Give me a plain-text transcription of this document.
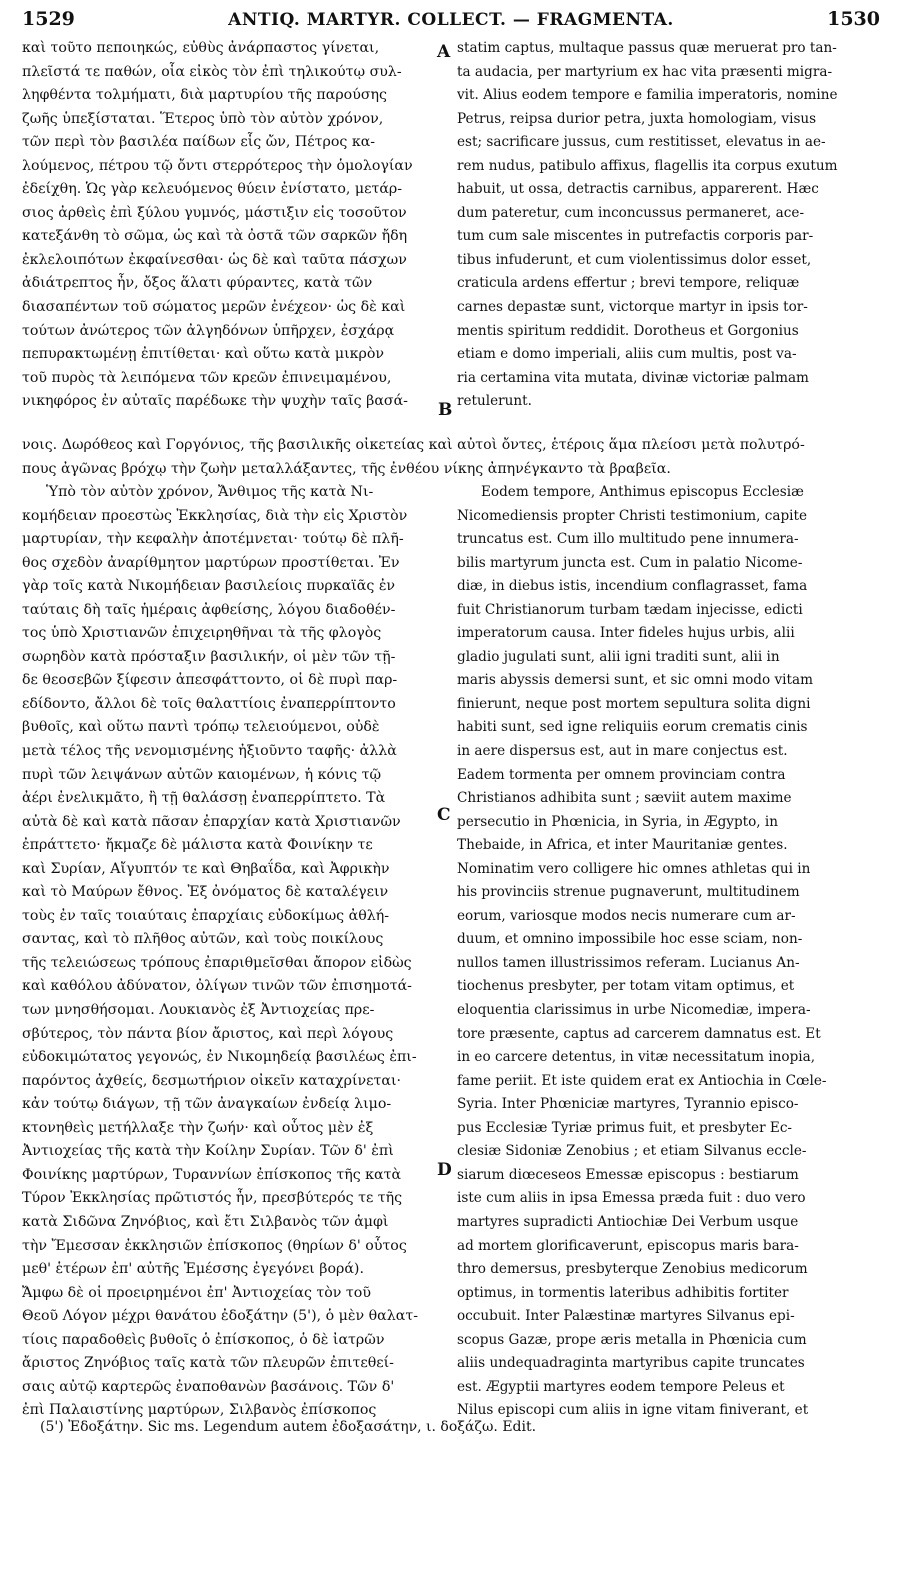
1529	ANTIQ. MARTYR. COLLECT. — FRAGMENTA.	1530
καὶ τοῦτο πεποιηκώς, εὐθὺς ἀνάρπαστος γίνεται,
πλεῖστά τε παθών, οἷα εἰκὸς τὸν ἐπὶ τηλικούτῳ συλ-
ληφθέντα τολμήματι, διὰ μαρτυρίου τῆς παρούσης
ζωῆς ὑπεξίσταται. Ἕτερος ὑπὸ τὸν αὐτὸν χρόνον,
τῶν περὶ τὸν βασιλέα παίδων εἷς ὤν, Πέτρος κα-
λούμενος, πέτρου τῷ ὄντι στερρότερος τὴν ὁμολογίαν
ἐδείχθη. Ὡς γὰρ κελευόμενος θύειν ἐνίστατο, μετάρ-
σιος ἀρθεὶς ἐπὶ ξύλου γυμνός, μάστιξιν εἰς τοσοῦτον
κατεξάνθη τὸ σῶμα, ὡς καὶ τὰ ὀστᾶ τῶν σαρκῶν ἤδη
ἐκλελοιπότων ἐκφαίνεσθαι· ὡς δὲ καὶ ταῦτα πάσχων
ἀδιάτρεπτος ἦν, ὄξος ἅλατι φύραντες, κατὰ τῶν
διασαπέντων τοῦ σώματος μερῶν ἐνέχεον· ὡς δὲ καὶ
τούτων ἀνώτερος τῶν ἀλγηδόνων ὑπῆρχεν, ἐσχάρᾳ
πεπυρακτωμένῃ ἐπιτίθεται· καὶ οὕτω κατὰ μικρὸν
τοῦ πυρὸς τὰ λειπόμενα τῶν κρεῶν ἐπινειμαμένου,
νικηφόρος ἐν αὐταῖς παρέδωκε τὴν ψυχὴν ταῖς βασά-
statim captus, multaque passus quæ meruerat pro tan-
ta audacia, per martyrium ex hac vita præsenti migra-
vit. Alius eodem tempore e familia imperatoris, nomine
Petrus, reipsa durior petra, juxta homologiam, visus
est; sacrificare jussus, cum restitisset, elevatus in ae-
rem nudus, patibulo affixus, flagellis ita corpus exutum
habuit, ut ossa, detractis carnibus, apparerent. Hæc
dum pateretur, cum inconcussus permaneret, ace-
tum cum sale miscentes in putrefactis corporis par-
tibus infuderunt, et cum violentissimus dolor esset,
craticula ardens effertur ; brevi tempore, reliquæ
carnes depastæ sunt, victorque martyr in ipsis tor-
mentis spiritum reddidit. Dorotheus et Gorgonius
etiam e domo imperiali, aliis cum multis, post va-
ria certamina vita mutata, divinæ victoriæ palmam
retulerunt.
A
B
C
D
νοις. Δωρόθεος καὶ Γοργόνιος, τῆς βασιλικῆς οἰκετείας καὶ αὐτοὶ ὄντες, ἑτέροις ἅμα πλείοσι μετὰ πολυτρό-
πους ἀγῶνας βρόχῳ τὴν ζωὴν μεταλλάξαντες, τῆς ἐνθέου νίκης ἀπηνέγκαντο τὰ βραβεῖα.
Ὑπὸ τὸν αὐτὸν χρόνον, Ἄνθιμος τῆς κατὰ Νι-
κομήδειαν προεστὼς Ἐκκλησίας, διὰ τὴν εἰς Χριστὸν
μαρτυρίαν, τὴν κεφαλὴν ἀποτέμνεται· τούτῳ δὲ πλῆ-
θος σχεδὸν ἀναρίθμητον μαρτύρων προστίθεται. Ἐν
γὰρ τοῖς κατὰ Νικομήδειαν βασιλείοις πυρκαϊᾶς ἐν
ταύταις δὴ ταῖς ἡμέραις ἀφθείσης, λόγου διαδοθέν-
τος ὑπὸ Χριστιανῶν ἐπιχειρηθῆναι τὰ τῆς φλογὸς
σωρηδὸν κατὰ πρόσταξιν βασιλικήν, οἱ μὲν τῶν τῇ-
δε θεοσεβῶν ξίφεσιν ἀπεσφάττοντο, οἱ δὲ πυρὶ παρ-
εδίδοντο, ἄλλοι δὲ τοῖς θαλαττίοις ἐναπερρίπτοντο
βυθοῖς, καὶ οὕτω παντὶ τρόπῳ τελειούμενοι, οὐδὲ
μετὰ τέλος τῆς νενομισμένης ἠξιοῦντο ταφῆς· ἀλλὰ
πυρὶ τῶν λειψάνων αὐτῶν καιομένων, ἡ κόνις τῷ
ἀέρι ἐνελικμᾶτο, ἢ τῇ θαλάσσῃ ἐναπερρίπτετο. Τὰ
αὐτὰ δὲ καὶ κατὰ πᾶσαν ἐπαρχίαν κατὰ Χριστιανῶν
ἐπράττετο· ἤκμαζε δὲ μάλιστα κατὰ Φοινίκην τε
καὶ Συρίαν, Αἴγυπτόν τε καὶ Θηβαΐδα, καὶ Ἀφρικὴν
καὶ τὸ Μαύρων ἔθνος. Ἐξ ὀνόματος δὲ καταλέγειν
τοὺς ἐν ταῖς τοιαύταις ἐπαρχίαις εὐδοκίμως ἀθλή-
σαντας, καὶ τὸ πλῆθος αὐτῶν, καὶ τοὺς ποικίλους
τῆς τελειώσεως τρόπους ἐπαριθμεῖσθαι ἄπορον εἰδὼς
καὶ καθόλου ἀδύνατον, ὀλίγων τινῶν τῶν ἐπισημοτά-
των μνησθήσομαι. Λουκιανὸς ἐξ Ἀντιοχείας πρε-
σβύτερος, τὸν πάντα βίον ἄριστος, καὶ περὶ λόγους
εὐδοκιμώτατος γεγονώς, ἐν Νικομηδείᾳ βασιλέως ἐπι-
παρόντος ἀχθείς, δεσμωτήριον οἰκεῖν καταχρίνεται·
κἀν τούτῳ διάγων, τῇ τῶν ἀναγκαίων ἐνδείᾳ λιμο-
κτονηθεὶς μετήλλαξε τὴν ζωήν· καὶ οὗτος μὲν ἐξ
Ἀντιοχείας τῆς κατὰ τὴν Κοίλην Συρίαν. Τῶν δ' ἐπὶ
Φοινίκης μαρτύρων, Τυραννίων ἐπίσκοπος τῆς κατὰ
Τύρον Ἐκκλησίας πρῶτιστός ἦν, πρεσβύτερός τε τῆς
κατὰ Σιδῶνα Ζηνόβιος, καὶ ἔτι Σιλβανὸς τῶν ἀμφὶ
τὴν Ἔμεσσαν ἐκκλησιῶν ἐπίσκοπος (θηρίων δ' οὗτος
μεθ' ἑτέρων ἐπ' αὐτῆς Ἐμέσσης ἐγεγόνει βορά).
Ἄμφω δὲ οἱ προειρημένοι ἐπ' Ἀντιοχείας τὸν τοῦ
Θεοῦ Λόγον μέχρι θανάτου ἐδοξάτην (5'), ὁ μὲν θαλατ-
τίοις παραδοθεὶς βυθοῖς ὁ ἐπίσκοπος, ὁ δὲ ἰατρῶν
ἄριστος Ζηνόβιος ταῖς κατὰ τῶν πλευρῶν ἐπιτεθεί-
σαις αὐτῷ καρτερῶς ἐναποθανὼν βασάνοις. Τῶν δ'
ἐπὶ Παλαιστίνης μαρτύρων, Σιλβανὸς ἐπίσκοπος
Eodem tempore, Anthimus episcopus Ecclesiæ
Nicomediensis propter Christi testimonium, capite
truncatus est. Cum illo multitudo pene innumera-
bilis martyrum juncta est. Cum in palatio Nicome-
diæ, in diebus istis, incendium conflagrasset, fama
fuit Christianorum turbam tædam injecisse, edicti
imperatorum causa. Inter fideles hujus urbis, alii
gladio jugulati sunt, alii igni traditi sunt, alii in
maris abyssis demersi sunt, et sic omni modo vitam
finierunt, neque post mortem sepultura solita digni
habiti sunt, sed igne reliquiis eorum crematis cinis
in aere dispersus est, aut in mare conjectus est.
Eadem tormenta per omnem provinciam contra
Christianos adhibita sunt ; sæviit autem maxime
persecutio in Phœnicia, in Syria, in Ægypto, in
Thebaide, in Africa, et inter Mauritaniæ gentes.
Nominatim vero colligere hic omnes athletas qui in
his provinciis strenue pugnaverunt, multitudinem
eorum, variosque modos necis numerare cum ar-
duum, et omnino impossibile hoc esse sciam, non-
nullos tamen illustrissimos referam. Lucianus An-
tiochenus presbyter, per totam vitam optimus, et
eloquentia clarissimus in urbe Nicomediæ, impera-
tore præsente, captus ad carcerem damnatus est. Et
in eo carcere detentus, in vitæ necessitatum inopia,
fame periit. Et iste quidem erat ex Antiochia in Cœle-
Syria. Inter Phœniciæ martyres, Tyrannio episco-
pus Ecclesiæ Tyriæ primus fuit, et presbyter Ec-
clesiæ Sidoniæ Zenobius ; et etiam Silvanus eccle-
siarum diœceseos Emessæ episcopus : bestiarum
iste cum aliis in ipsa Emessa præda fuit : duo vero
martyres supradicti Antiochiæ Dei Verbum usque
ad mortem glorificaverunt, episcopus maris bara-
thro demersus, presbyterque Zenobius medicorum
optimus, in tormentis lateribus adhibitis fortiter
occubuit. Inter Palæstinæ martyres Silvanus epi-
scopus Gazæ, prope æris metalla in Phœnicia cum
aliis undequadraginta martyribus capite truncates
est. Ægyptii martyres eodem tempore Peleus et
Nilus episcopi cum aliis in igne vitam finiverant, et
(5') Ἐδοξάτην. Sic ms. Legendum autem ἐδοξασάτην, ι. δοξάζω. Edit.
